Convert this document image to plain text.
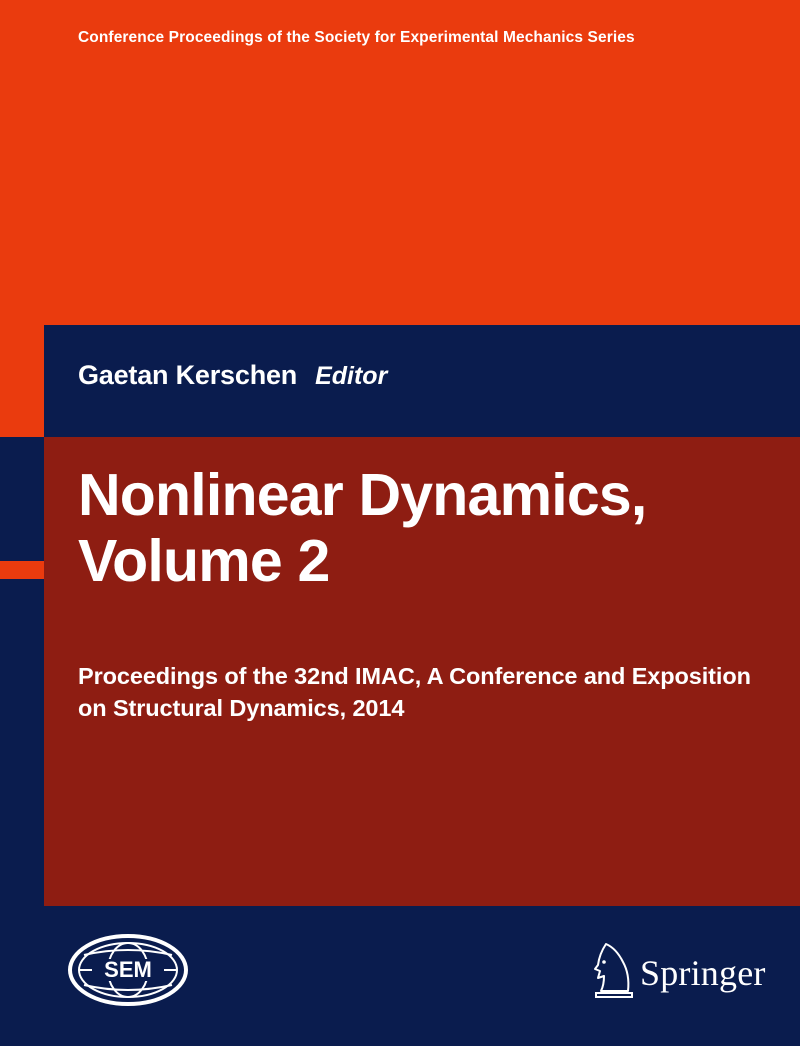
Conference Proceedings of the Society for Experimental Mechanics Series
Gaetan Kerschen Editor
Nonlinear Dynamics, Volume 2
Proceedings of the 32nd IMAC, A Conference and Exposition on Structural Dynamics, 2014
SEM	Springer
